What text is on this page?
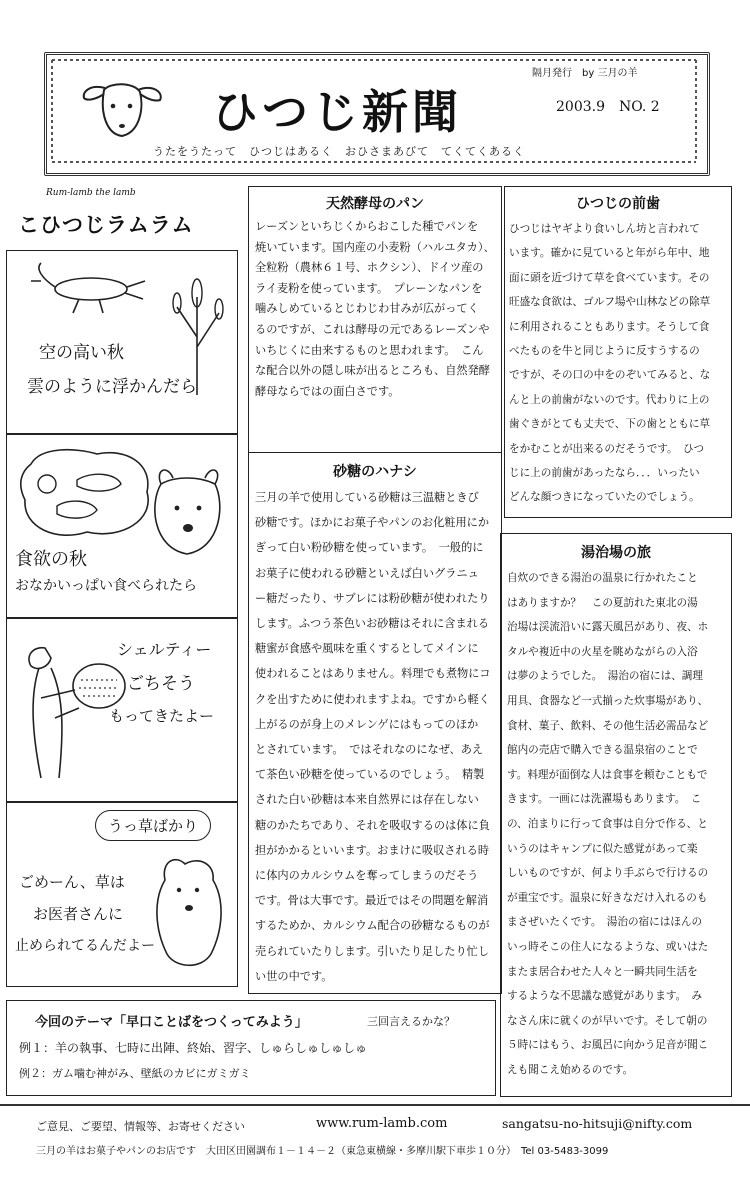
ひつじ新聞
隔月発行　by 三月の羊
2003.9　NO. 2
うたをうたって　ひつじはあるく　おひさまあびて　てくてくあるく
Rum-lamb the lamb
こひつじラムラム
空の高い秋
雲のように浮かんだら
食欲の秋
おなかいっぱい食べられたら
シェルティー
ごちそう
もってきたよー
うっ草ばかり
ごめーん、草は
お医者さんに
止められてるんだよー
天然酵母のパン
レーズンといちじくからおこした種でパンを
焼いています。国内産の小麦粉（ハルユタカ）、
全粒粉（農林６１号、ホクシン）、ドイツ産の
ライ麦粉を使っています。　プレーンなパンを
噛みしめているとじわじわ甘みが広がってく
るのですが、これは酵母の元であるレーズンや
いちじくに由来するものと思われます。　こん
な配合以外の隠し味が出るところも、自然発酵
酵母ならではの面白さです。
砂糖のハナシ
三月の羊で使用している砂糖は三温糖ときび
砂糖です。ほかにお菓子やパンのお化粧用にか
ぎって白い粉砂糖を使っています。　一般的に
お菓子に使われる砂糖といえば白いグラニュ
ー糖だったり、サブレには粉砂糖が使われたり
します。ふつう茶色いお砂糖はそれに含まれる
糖蜜が食感や風味を重くするとしてメインに
使われることはありません。料理でも煮物にコ
クを出すために使われますよね。ですから軽く
上がるのが身上のメレンゲにはもってのほか
とされています。　ではそれなのになぜ、あえ
て茶色い砂糖を使っているのでしょう。　精製
された白い砂糖は本来自然界には存在しない
糖のかたちであり、それを吸収するのは体に負
担がかかるといいます。おまけに吸収される時
に体内のカルシウムを奪ってしまうのだそう
です。骨は大事です。最近ではその問題を解消
するためか、カルシウム配合の砂糖なるものが
売られていたりします。引いたり足したり忙し
い世の中です。
ひつじの前歯
ひつじはヤギより食いしん坊と言われて
います。確かに見ていると年がら年中、地
面に頭を近づけて草を食べています。その
旺盛な食欲は、ゴルフ場や山林などの除草
に利用されることもあります。そうして食
べたものを牛と同じように反すうするの
ですが、その口の中をのぞいてみると、な
んと上の前歯がないのです。代わりに上の
歯ぐきがとても丈夫で、下の歯とともに草
をかむことが出来るのだそうです。　ひつ
じに上の前歯があったなら．．．いったい
どんな顔つきになっていたのでしょう。
湯治場の旅
自炊のできる湯治の温泉に行かれたこと
はありますか？　この夏訪れた東北の湯
治場は渓流沿いに露天風呂があり、夜、ホ
タルや複近中の火星を眺めながらの入浴
は夢のようでした。　湯治の宿には、調理
用具、食器など一式揃った炊事場があり、
食材、菓子、飲料、その他生活必需品など
館内の売店で購入できる温泉宿のことで
す。料理が面倒な人は食事を頼むこともで
きます。一画には洗濯場もあります。　こ
の、泊まりに行って食事は自分で作る、と
いうのはキャンプに似た感覚があって楽
しいものですが、何より手ぶらで行けるの
が重宝です。温泉に好きなだけ入れるのも
まさぜいたくです。　湯治の宿にはほんの
いっ時そこの住人になるような、或いはた
またま居合わせた人々と一瞬共同生活を
するような不思議な感覚があります。　み
なさん床に就くのが早いです。そして朝の
５時にはもう、お風呂に向かう足音が聞こ
えも聞こえ始めるのです。
今回のテーマ「早口ことばをつくってみよう」	三回言えるかな？
例１：羊の執事、七時に出陣、終始、習字、しゅらしゅしゅしゅ
例２：ガム噛む神がみ、壁紙のカビにガミガミ
ご意見、ご要望、情報等、お寄せください	www.rum-lamb.com	sangatsu-no-hitsuji@nifty.com
三月の羊はお菓子やパンのお店です　大田区田園調布１－１４－２（東急東横線・多摩川駅下車歩１０分）　Tel 03-5483-3099
